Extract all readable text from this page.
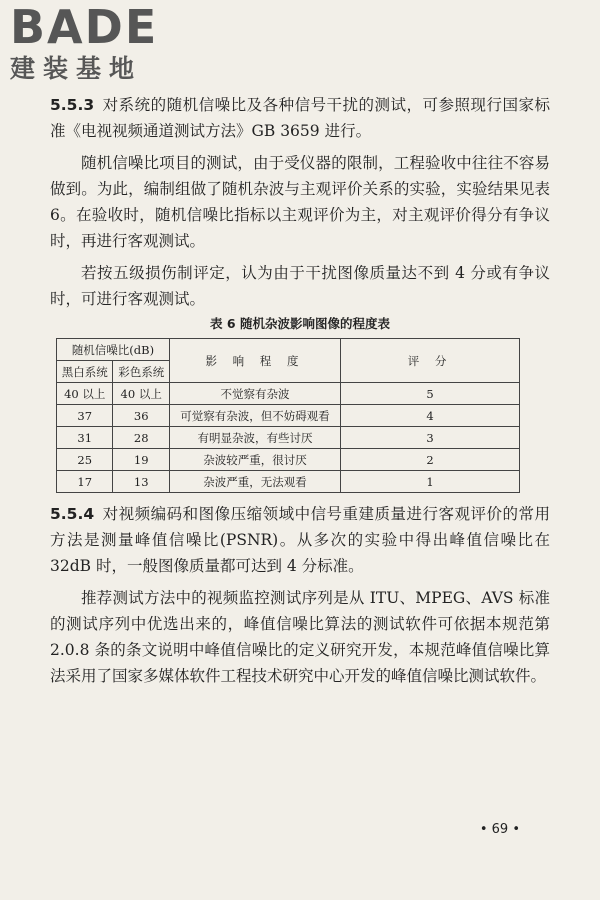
BADE
建装基地

5.5.3 对系统的随机信噪比及各种信号干扰的测试，可参照现行国家标准《电视视频通道测试方法》GB 3659 进行。

随机信噪比项目的测试，由于受仪器的限制，工程验收中往往不容易做到。为此，编制组做了随机杂波与主观评价关系的实验，实验结果见表 6。在验收时，随机信噪比指标以主观评价为主，对主观评价得分有争议时，再进行客观测试。

若按五级损伤制评定，认为由于干扰图像质量达不到 4 分或有争议时，可进行客观测试。

表 6 随机杂波影响图像的程度表
随机信噪比(dB)		影 响 程 度	评 分
黑白系统	彩色系统		
40 以上	40 以上	不觉察有杂波	5
37	36	可觉察有杂波，但不妨碍观看	4
31	28	有明显杂波，有些讨厌	3
25	19	杂波较严重，很讨厌	2
17	13	杂波严重，无法观看	1

5.5.4 对视频编码和图像压缩领域中信号重建质量进行客观评价的常用方法是测量峰值信噪比(PSNR)。从多次的实验中得出峰值信噪比在 32dB 时，一般图像质量都可达到 4 分标准。

推荐测试方法中的视频监控测试序列是从 ITU、MPEG、AVS 标准的测试序列中优选出来的，峰值信噪比算法的测试软件可依据本规范第 2.0.8 条的条文说明中峰值信噪比的定义研究开发，本规范峰值信噪比算法采用了国家多媒体软件工程技术研究中心开发的峰值信噪比测试软件。

• 69 •
